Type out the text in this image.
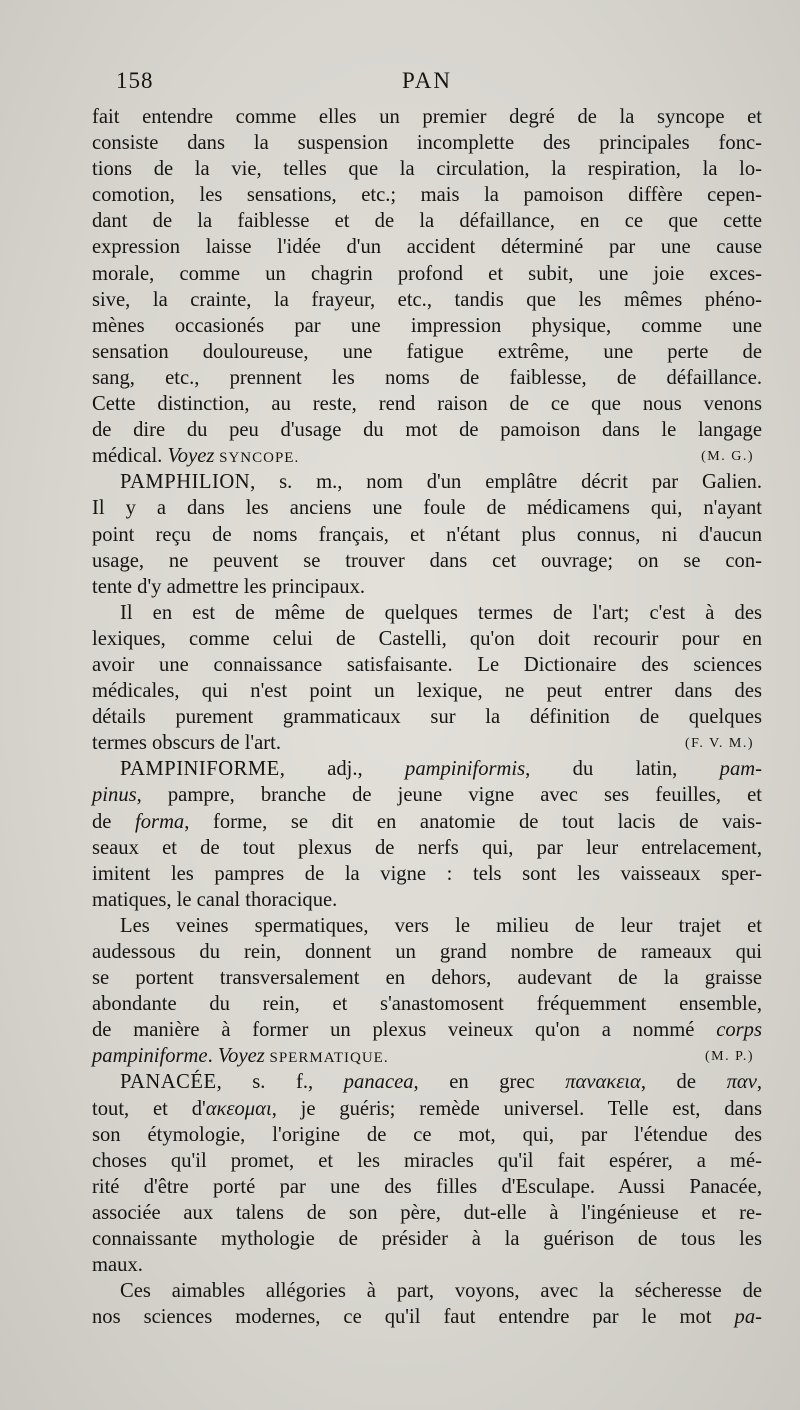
158	PAN
fait entendre comme elles un premier degré de la syncope et
consiste dans la suspension incomplette des principales fonc-
tions de la vie, telles que la circulation, la respiration, la lo-
comotion, les sensations, etc.; mais la pamoison diffère cepen-
dant de la faiblesse et de la défaillance, en ce que cette
expression laisse l'idée d'un accident déterminé par une cause
morale, comme un chagrin profond et subit, une joie exces-
sive, la crainte, la frayeur, etc., tandis que les mêmes phéno-
mènes occasionés par une impression physique, comme une
sensation douloureuse, une fatigue extrême, une perte de
sang, etc., prennent les noms de faiblesse, de défaillance.
Cette distinction, au reste, rend raison de ce que nous venons
de dire du peu d'usage du mot de pamoison dans le langage
médical. Voyez SYNCOPE.	(M. G.)
PAMPHILION, s. m., nom d'un emplâtre décrit par Galien.
Il y a dans les anciens une foule de médicamens qui, n'ayant
point reçu de noms français, et n'étant plus connus, ni d'aucun
usage, ne peuvent se trouver dans cet ouvrage; on se con-
tente d'y admettre les principaux.
Il en est de même de quelques termes de l'art; c'est à des
lexiques, comme celui de Castelli, qu'on doit recourir pour en
avoir une connaissance satisfaisante. Le Dictionaire des sciences
médicales, qui n'est point un lexique, ne peut entrer dans des
détails purement grammaticaux sur la définition de quelques
termes obscurs de l'art.	(F. V. M.)
PAMPINIFORME, adj., pampiniformis, du latin, pam-
pinus, pampre, branche de jeune vigne avec ses feuilles, et
de forma, forme, se dit en anatomie de tout lacis de vais-
seaux et de tout plexus de nerfs qui, par leur entrelacement,
imitent les pampres de la vigne : tels sont les vaisseaux sper-
matiques, le canal thoracique.
Les veines spermatiques, vers le milieu de leur trajet et
audessous du rein, donnent un grand nombre de rameaux qui
se portent transversalement en dehors, audevant de la graisse
abondante du rein, et s'anastomosent fréquemment ensemble,
de manière à former un plexus veineux qu'on a nommé corps
pampiniforme. Voyez SPERMATIQUE.	(M. P.)
PANACÉE, s. f., panacea, en grec πανακεια, de παν,
tout, et d'ακεομαι, je guéris; remède universel. Telle est, dans
son étymologie, l'origine de ce mot, qui, par l'étendue des
choses qu'il promet, et les miracles qu'il fait espérer, a mé-
rité d'être porté par une des filles d'Esculape. Aussi Panacée,
associée aux talens de son père, dut-elle à l'ingénieuse et re-
connaissante mythologie de présider à la guérison de tous les
maux.
Ces aimables allégories à part, voyons, avec la sécheresse de
nos sciences modernes, ce qu'il faut entendre par le mot pa-
